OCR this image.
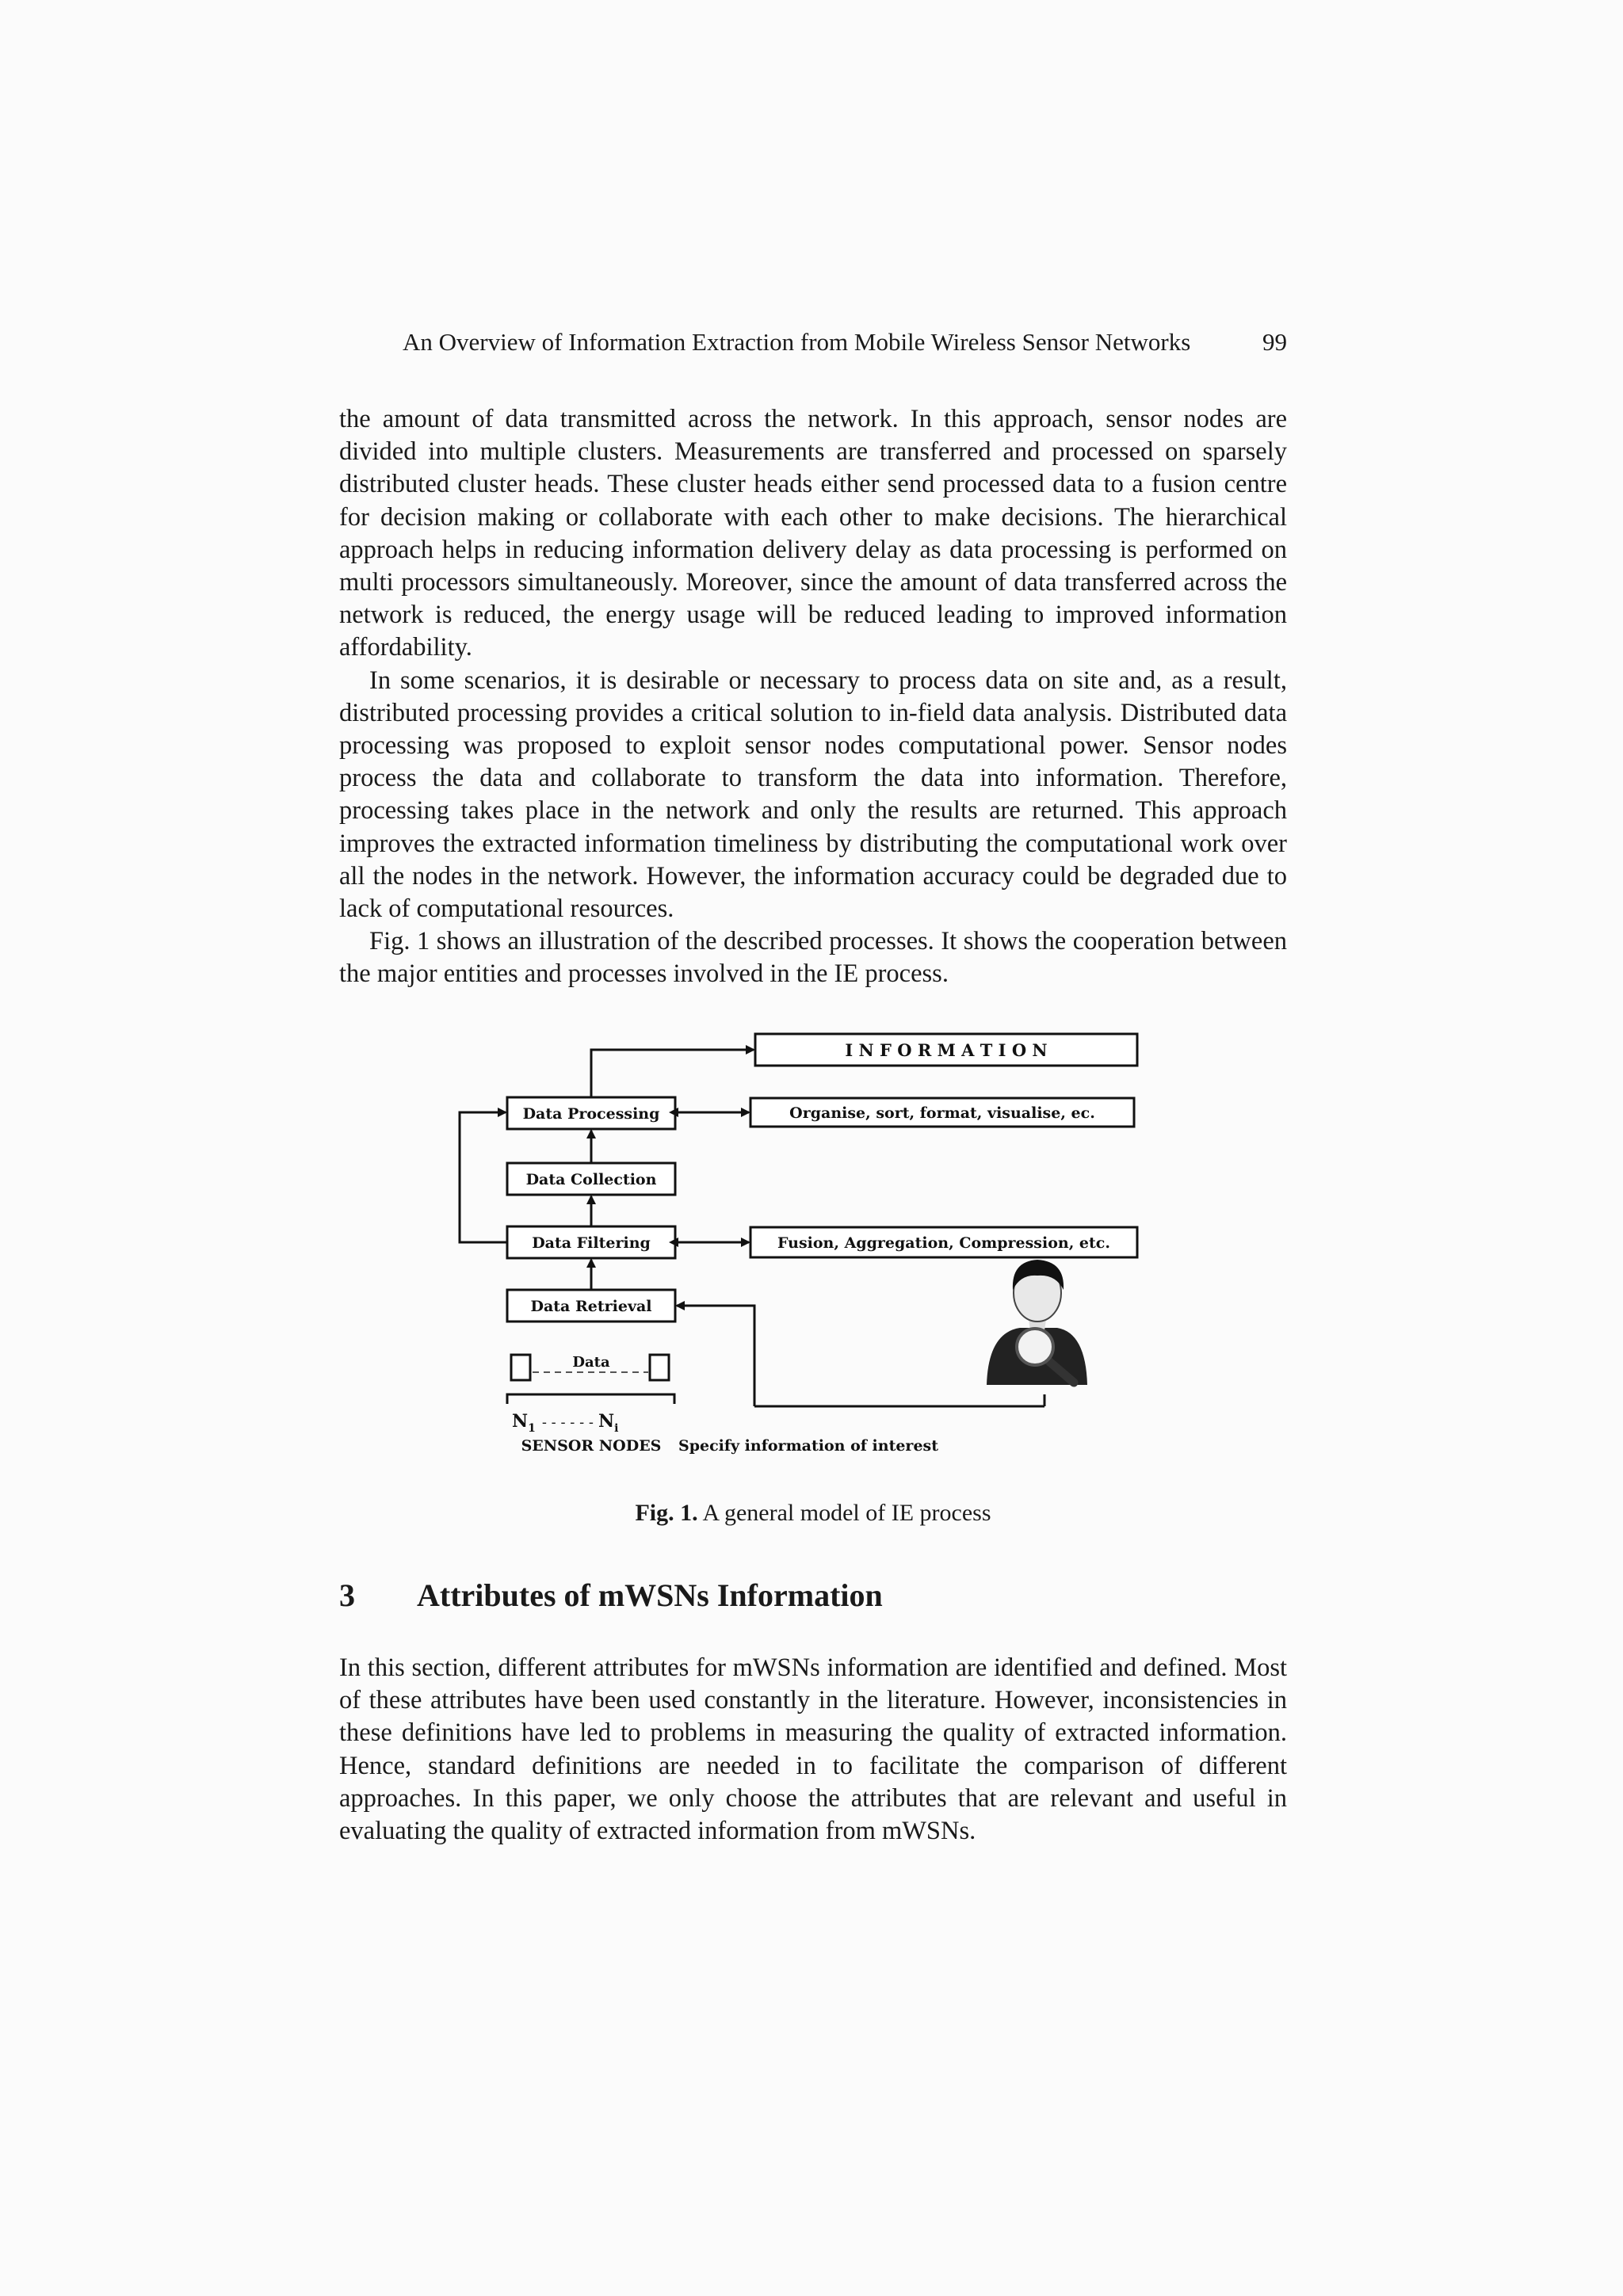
An Overview of Information Extraction from Mobile Wireless Sensor Networks	99

the amount of data transmitted across the network. In this approach, sensor nodes are divided into multiple clusters. Measurements are transferred and processed on sparsely distributed cluster heads. These cluster heads either send processed data to a fusion centre for decision making or collaborate with each other to make decisions. The hierarchical approach helps in reducing information delivery delay as data processing is performed on multi processors simultaneously. Moreover, since the amount of data transferred across the network is reduced, the energy usage will be reduced leading to improved information affordability.

In some scenarios, it is desirable or necessary to process data on site and, as a result, distributed processing provides a critical solution to in-field data analysis. Distributed data processing was proposed to exploit sensor nodes computational power. Sensor nodes process the data and collaborate to transform the data into information. Therefore, processing takes place in the network and only the results are returned. This approach improves the extracted information timeliness by distributing the computational work over all the nodes in the network. However, the information accuracy could be degraded due to lack of computational resources.

Fig. 1 shows an illustration of the described processes. It shows the cooperation between the major entities and processes involved in the IE process.

I N F O R M A T I O N
Organise, sort, format, visualise, ec.
Fusion, Aggregation, Compression, etc.
Data Processing
Data Collection
Data Filtering
Data Retrieval
Data
$N_1$ - - - - - - $N_i$
SENSOR NODES Specify information of interest
Fig. 1. A general model of IE process
3 Attributes of mWSNs Information

In this section, different attributes for mWSNs information are identified and defined. Most of these attributes have been used constantly in the literature. However, inconsistencies in these definitions have led to problems in measuring the quality of extracted information. Hence, standard definitions are needed in to facilitate the comparison of different approaches. In this paper, we only choose the attributes that are relevant and useful in evaluating the quality of extracted information from mWSNs.
